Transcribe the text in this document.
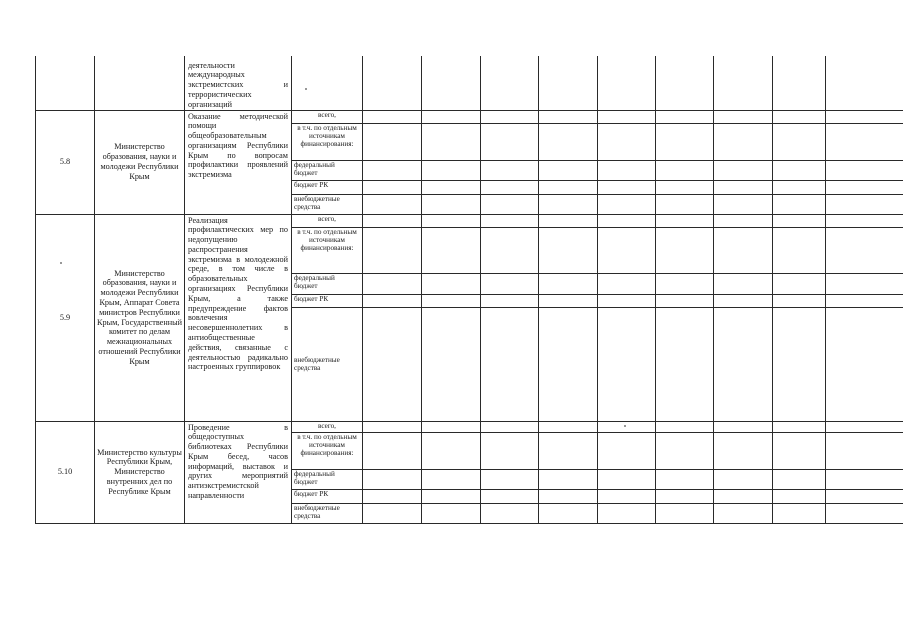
		деятельности международных экстремистских и террористических организаций										
5.8	Министерство образования, науки и молодежи Республики Крым	Оказание методической помощи общеобразовательным организациям Республики Крым по вопросам профилактики проявлений экстремизма	всего,									
			в т.ч. по отдельным источникам финансирования:									
			федеральный бюджет									
			бюджет РК									
			внебюджетные средства									
5.9	Министерство образования, науки и молодежи Республики Крым, Аппарат Совета министров Республики Крым, Государственный комитет по делам межнациональных отношений Республики Крым	Реализация профилактических мер по недопущению распространения экстремизма в молодежной среде, в том числе в образовательных организациях Республики Крым, а также предупреждение фактов вовлечения несовершеннолетних в антиобщественные действия, связанные с деятельностью радикально настроенных группировок	всего,									
			в т.ч. по отдельным источникам финансирования:									
			федеральный бюджет									
			бюджет РК									
			внебюджетные средства									
5.10	Министерство культуры Республики Крым, Министерство внутренних дел по Республике Крым	Проведение в общедоступных библиотеках Республики Крым бесед, часов информаций, выставок и других мероприятий антиэкстремистской направленности	всего,									
			в т.ч. по отдельным источникам финансирования:									
			федеральный бюджет									
			бюджет РК									
			внебюджетные средства									
